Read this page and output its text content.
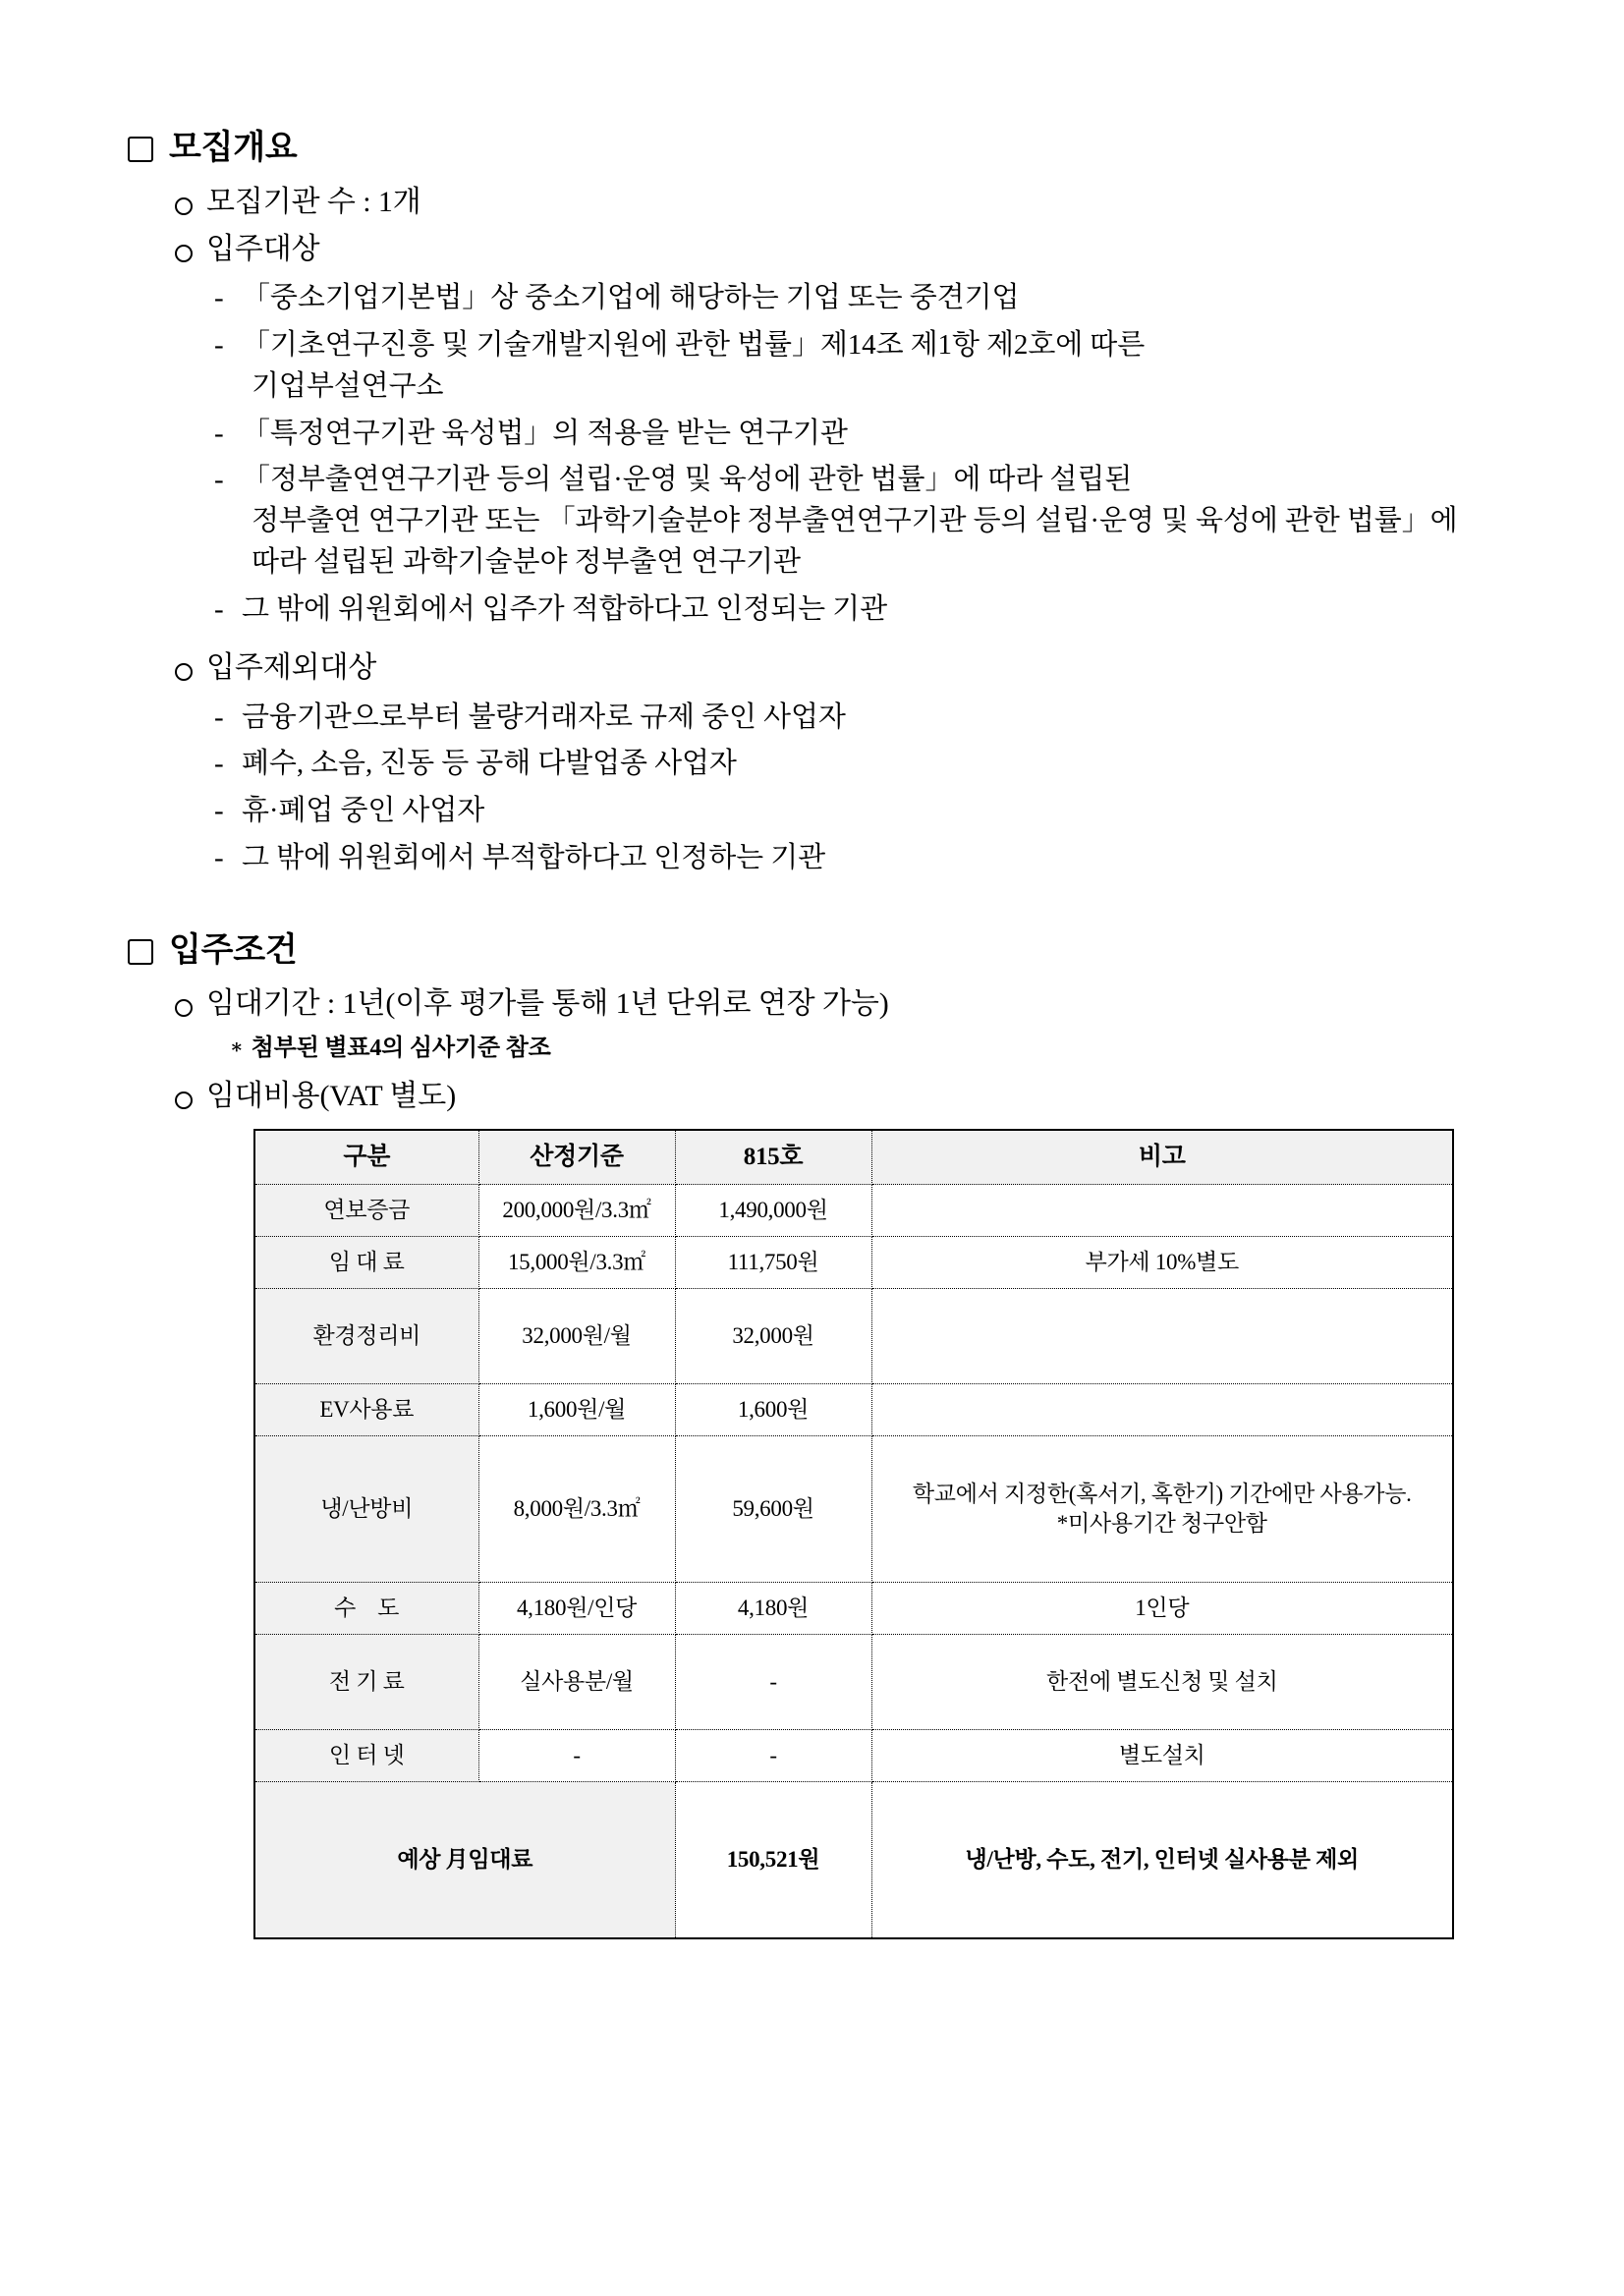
모집개요
모집기관 수 : 1개
입주대상
- 「중소기업기본법」상 중소기업에 해당하는 기업 또는 중견기업
- 「기초연구진흥 및 기술개발지원에 관한 법률」제14조 제1항 제2호에 따른
기업부설연구소
- 「특정연구기관 육성법」의 적용을 받는 연구기관
- 「정부출연연구기관 등의 설립·운영 및 육성에 관한 법률」에 따라 설립된
정부출연 연구기관 또는 「과학기술분야 정부출연연구기관 등의 설립·운영 및 육성에 관한 법률」에 따라 설립된 과학기술분야 정부출연 연구기관
- 그 밖에 위원회에서 입주가 적합하다고 인정되는 기관
입주제외대상
- 금융기관으로부터 불량거래자로 규제 중인 사업자
- 폐수, 소음, 진동 등 공해 다발업종 사업자
- 휴·폐업 중인 사업자
- 그 밖에 위원회에서 부적합하다고 인정하는 기관
입주조건
임대기간 : 1년(이후 평가를 통해 1년 단위로 연장 가능)
∗ 첨부된 별표4의 심사기준 참조
임대비용(VAT 별도)
구분	산정기준	815호	비고
연보증금	200,000원/3.3㎡	1,490,000원	
임 대 료	15,000원/3.3㎡	111,750원	부가세 10%별도
환경정리비	32,000원/월	32,000원	
EV사용료	1,600원/월	1,600원	
냉/난방비	8,000원/3.3㎡	59,600원	학교에서 지정한(혹서기, 혹한기) 기간에만 사용가능.
*미사용기간 청구안함
수 도	4,180원/인당	4,180원	1인당
전 기 료	실사용분/월	-	한전에 별도신청 및 설치
인 터 넷	-	-	별도설치
예상 月임대료		150,521원	냉/난방, 수도, 전기, 인터넷 실사용분 제외
